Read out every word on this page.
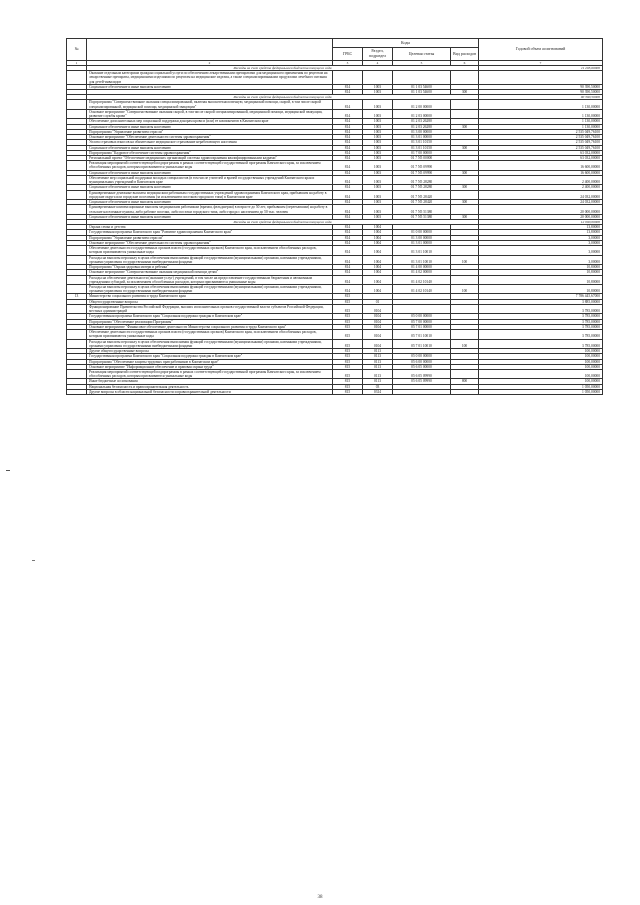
№		Коды				Годовой объем ассигнований
		ГРБС	Раздел, подраздел	Целевая статья	Вид расходов	
1	2	3	4	5	6	7
	Расходы за счет средств федерального бюджета текущего года					11 293,60000
	Оказание отдельным категориям граждан социальной услуги по обеспечению лекарственными препаратами для медицинского применения по рецептам на лекарственные препараты, медицинскими изделиями по рецептам на медицинские изделия, а также специализированными продуктами лечебного питания для детей-инвалидов					
	Социальное обеспечение и иные выплаты населению	814	1003	01 1 03 54600		90 390,50000
		814	1003	01 1 03 54600	300	90 390,50000
	Расходы за счет средств федерального бюджета текущего года					90 390,50000
	Подпрограмма "Совершенствование оказания специализированной, включая высокотехнологичную, медицинской помощи, скорой, в том числе скорой специализированной, медицинской помощи, медицинской эвакуации"	814	1003	01 2 00 00000		1 130,00000
	Основное мероприятие "Совершенствование оказания скорой, в том числе скорой специализированной, медицинской помощи, медицинской эвакуации, развитие службы крови"	814	1003	01 2 03 00000		1 130,00000
	Обеспечение дополнительных мер социальной поддержки донорам крови и (или) ее компонентов в Камчатском крае	814	1003	01 2 03 26280		1 130,00000
	Социальное обеспечение и иные выплаты населению	814	1003	01 2 03 26280	300	1 130,00000
	Подпрограмма "Управление развитием отрасли"	814	1003	01 3 00 00000		2 535 049,76100
	Основное мероприятие "Обеспечение деятельности системы здравоохранения"	814	1003	01 3 01 00000		2 535 049,76100
	Уплата страховых взносов на обязательное медицинское страхование неработающего населения	814	1003	01 3 01 10150		2 535 049,76100
	Социальное обеспечение и иные выплаты населению	814	1003	01 3 01 10150	300	2 535 049,76100
	Подпрограмма "Кадровое обеспечение системы здравоохранения"	814	1003	01 7 00 00000		63 032,00000
	Региональный проект "Обеспечение медицинских организаций системы здравоохранения квалифицированными кадрами"	814	1003	01 7 N5 00000		63 032,00000
	Реализация мероприятий соответствующей подпрограммы в рамках соответствующей государственной программы Камчатского края, за исключением обособленных расходов, которым присваиваются уникальные коды	814	1003	01 7 N5 09990		16 600,00000
	Социальное обеспечение и иные выплаты населению	814	1003	01 7 N5 09990	300	16 600,00000
	Обеспечение мер социальной поддержки молодых специалистов (в том числе учителей и врачей государственных учреждений Камчатского края и муниципальных учреждений в Камчатском крае	814	1003	01 7 N5 28280		2 400,00000
	Социальное обеспечение и иные выплаты населению	814	1003	01 7 N5 28280	300	2 400,00000
	Единовременные денежные выплаты медицинским работникам государственных учреждений здравоохранения Камчатского края, прибывшим на работу в городские округа или городские поселения (за исключением поселков городского типа) в Камчатском крае	814	1003	01 7 N5 28420		24 032,00000
	Социальное обеспечение и иные выплаты населению	814	1003	01 7 N5 28420	300	24 032,00000
	Единовременные компенсационные выплаты медицинским работникам (врачам, фельдшерам) в возрасте до 50 лет, прибывшим (переехавшим) на работу в сельские населенные пункты, либо рабочие поселки, либо поселки городского типа, либо города с населением до 50 тыс. человек	814	1003	01 7 N5 51380		20 000,00000
	Социальное обеспечение и иные выплаты населению	814	1003	01 7 N5 51380	300	20 000,00000
	Расходы за счет средств федерального бюджета текущего года					12 000,00000
	Охрана семьи и детства	814	1004			13,80000
	Государственная программа Камчатского края "Развитие здравоохранения Камчатского края"	814	1004	01 0 00 00000		13,80000
	Подпрограмма "Управление развитием отрасли"	814	1004	01 3 00 00000		3,00000
	Основное мероприятие "Обеспечение деятельности системы здравоохранения"	814	1004	01 3 01 00000		3,00000
	Обеспечение деятельности государственных органов власти (государственных органов) Камчатского края, за исключением обособленных расходов, которым присваиваются уникальные коды	814	1004	01 3 01 10010		3,00000
	Расходы на выплаты персоналу в целях обеспечения выполнения функций государственными (муниципальными) органами, казенными учреждениями, органами управления государственными внебюджетными фондами	814	1004	01 3 01 10010	100	3,00000
	Подпрограмма "Охрана здоровья матери и ребенка"	814	1004	01 4 00 00000		10,80000
	Основное мероприятие "Совершенствование оказания медицинской помощи детям"	814	1004	01 4 02 00000		10,80000
	Расходы на обеспечение деятельности (оказание услуг) учреждений, в том числе на предоставление государственным бюджетным и автономным учреждениям субсидий, за исключением обособленных расходов, которым присваиваются уникальные коды	814	1004	01 4 02 10140		10,80000
	Расходы на выплаты персоналу в целях обеспечения выполнения функций государственными (муниципальными) органами, казенными учреждениями, органами управления государственными внебюджетными фондами	814	1004	01 4 02 10140	100	10,80000
13	Министерство социального развития и труда Камчатского края	815				7 786 445,67000
	Общегосударственные вопросы	815	01			3 885,00000
	Функционирование Правительства Российской Федерации, высших исполнительных органов государственной власти субъектов Российской Федерации, местных администраций	815	0104			3 785,00000
	Государственная программа Камчатского края "Социальная поддержка граждан в Камчатском крае"	815	0104	05 0 00 00000		3 785,00000
	Подпрограмма "Обеспечение реализации Программы"	815	0104	05 7 00 00000		3 785,00000
	Основное мероприятие "Финансовое обеспечение деятельности Министерства социального развития и труда Камчатского края"	815	0104	05 7 01 00000		3 785,00000
	Обеспечение деятельности государственных органов власти (государственных органов) Камчатского края, за исключением обособленных расходов, которым присваиваются уникальные коды	815	0104	05 7 01 10010		3 785,00000
	Расходы на выплаты персоналу в целях обеспечения выполнения функций государственными (муниципальными) органами, казенными учреждениями, органами управления государственными внебюджетными фондами	815	0104	05 7 01 10010	100	3 785,00000
	Другие общегосударственные вопросы	815	0113			100,00000
	Государственная программа Камчатского края "Социальная поддержка граждан в Камчатском крае"	815	0113	05 0 00 00000		100,00000
	Подпрограмма "Обеспечение защиты трудовых прав работников в Камчатском крае"	815	0113	05 6 00 00000		100,00000
	Основное мероприятие "Информационное обеспечение и правовая охрана труда"	815	0113	05 6 05 00000		100,00000
	Реализация мероприятий соответствующей подпрограммы в рамках соответствующей государственной программы Камчатского края, за исключением обособленных расходов, которым присваиваются уникальные коды	815	0113	05 6 05 09990		100,00000
	Иные бюджетные ассигнования	815	0113	05 6 05 09990	800	100,00000
	Национальная безопасность и правоохранительная деятельность	815	03			1 050,00000
	Другие вопросы в области национальной безопасности и правоохранительной деятельности	815	0314			1 050,00000
38
